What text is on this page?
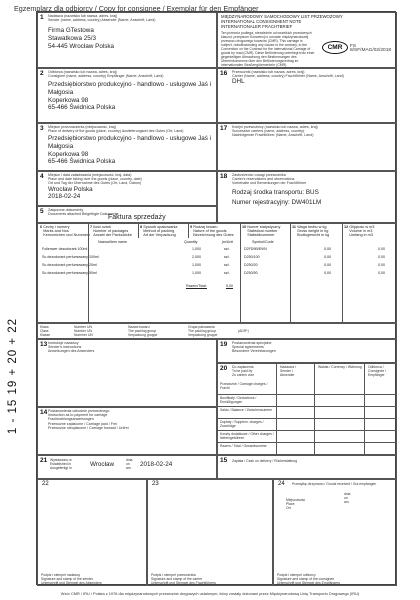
Egzemplarz dla odbiorcy / Copy for consignee / Exemplar für den Empfänger
1 - 15 19 + 20 + 22
1	Nadawca (nazwisko lub nazwa, adres, kraj)
Sender (name, address, country) Absender (Name, Anschrift, Land)
Firma GTestowa
Stawatkowa 25/3
54-445 Wrocław Polska
MIĘDZYNARODOWY SAMOCHODOWY LIST PRZEWOZOWY
INTERNATIONAL CONSIGNMENT NOTE
INTERNATIONALER FRACHTBRIEF
Ten przewóz podlega, niezależnie od wszelkich przeciwnych klauzul, przepisom Konwencji o umowie międzynarodowej przewozu drogowego towarów (CMR). This carriage is subject, notwithstanding any clause to the contrary, to the Convention on the Contract for the International Carriage of goods by road (CMR). Diese Beförderung unterliegt trotz einer gegenteiligen Abmachung den Bestimmungen des Übereinkommens über den Beförderungsvertrag im internationalen Straßengüterverkehr (CMR).
CMR	FS 8/SF/MAG/02/2018
2	Odbiorca (nazwisko lub nazwa, adres, kraj)
Consignee (name, address, country) Empfänger (Name, Anschrift, Land)
Przedsiębiorstwo produkcyjno - handlowo - usługowe Jaś i Małgosia
Koperkowa 98
65-466 Świdnica Polska
16	Przewoźnik (nazwisko lub nazwa, adres, kraj)
Carrier (Name, address, country) Frachtführer (Name, Anschrift, Land)
DHL
3	Miejsce przeznaczenia (miejscowość, kraj)
Place of delivery of the goods (place, country) Auslieferungsort des Gutes (Ort, Land)
Przedsiębiorstwo produkcyjno - handlowo - usługowe Jaś i Małgosia
Koperkowa 98
65-466 Świdnica Polska
17	Kolejni przewoźnicy (nazwisko lub nazwa, adres, kraj)
Successive carriers (name, address, country)
Nachfolgende Frachtführer (Name, Anschrift, Land)
4	Miejsce i data załadowania (miejscowość, kraj, data)
Place and date taking over the goods (place, country, date)
Ort und Tag der Übernahme des Gutes (Ort, Land, Datum)
Wrocław Polska
2018-02-24
18	Zastrzeżenia i uwagi przewoźnika
Carrier's reservations and observations
Vorbehalte und Bemerkungen der Frachtführer
Rodzaj środka transportu: BUS
Numer rejestracyjny: DW401LM
5	Załączone dokumenty
Documents attached Beigefügte Dokumente
Faktura sprzedaży
6 Cechy i numery
Marks and Nos
Kennzeichen und Nummern
7 Ilość sztuk
Number of packages
Anzahl der Packstücke
8 Sposób opakowania
Method of packing
Art der Verpackung
9 Rodzaj towaru
Nature of the goods
Bezeichnung des Gutes
10 Numer statystyczny
Statistical number
Statistiknummer
11 Waga brutto w kg
Gross weight in kg
Bruttogewicht in kg
12 Objętość w m3
Volume in m3
Umfang in m3
Nazwa/Item name	Quantity	jm/Unit	Symbol/Code
Folienwer dezodorant 100ml	1,000	szt.	D2FD9B/E9/N	0,00	0,00
So dezodorant perfumowany 100ml	2,000	szt.	D250/100	0,00	0,00
So dezodorant perfumowany 20ml	1,000	szt.	D250/20	0,00	0,00
So dezodorant perfumowany 50ml	1,000	szt.	D250/50	0,00	0,00
Razem/Total:	5,00
Klasa
Class
Klasse
Number UN
Number UN
Nummer UN
Nazwa towaru
The packing group
Verpackung gruppe
Grupa pakowania
The packing group
Verpackung gruppe
(ADR*)
13 Instrukcje nadawcy
Sender's instructions
Anweisungen des Absenders
19	Postanowienia specjalne
Special agreements
Besondere Vereinbarungen
20 Do zapłacenia
To be paid by
Zu zahlen vom
Nadawca /
Sender /
Absender
Waluta / Currency / Währung	Odbiorca /
Consignee /
Empfänger
Przewoźne / Carriage charges / Fracht
Bonifikaty / Deductions / Ermäßigungen
Saldo / Balance / Zwischensumme
Dopłaty / Supplem. charges / Zuschläge
Koszty dodatkowe / Other charges / Nebengebühren
Razem / Total / Gesamtsumme
14 Postanowienia odnośnie przewoźnego
Instruction as to payment for carriage
Frachtzahlungsanweisungen
Przewoźne zapłacone / Carriage paid / Frei
Przewoźne nieopłacone / Carriage forward / Unfrei
21 Wystawiono w
Established in
Ausgefertigt in	Wrocław
dnia
on
am 2018-02-24
15 Zapłata / Cash on delivery / Rückerstattung
22
Podpis i stempel nadawcy
Signature and stamp of the sender
Unterschrift und Stempel des Absenders
23
Podpis i stempel przewoźnika
Signature and stamp of the carrier
Unterschrift und Stempel des Frachtführers
24 Przesyłkę otrzymano / Goods received / Gut empfangen
Miejscowość
Place
Ort
dnia
on
am
Podpis i stempel odbiorcy
Signature and stamp of the consignee
Unterschrift und Stempel des Empfängers
Wzór CMR / IRU / Polska z 1976 dla międzynarodowych przewozów drogowych ustalonym, który zostały dokonani przez Międzynarodową Unię Transportu Drogowego (IRU)
